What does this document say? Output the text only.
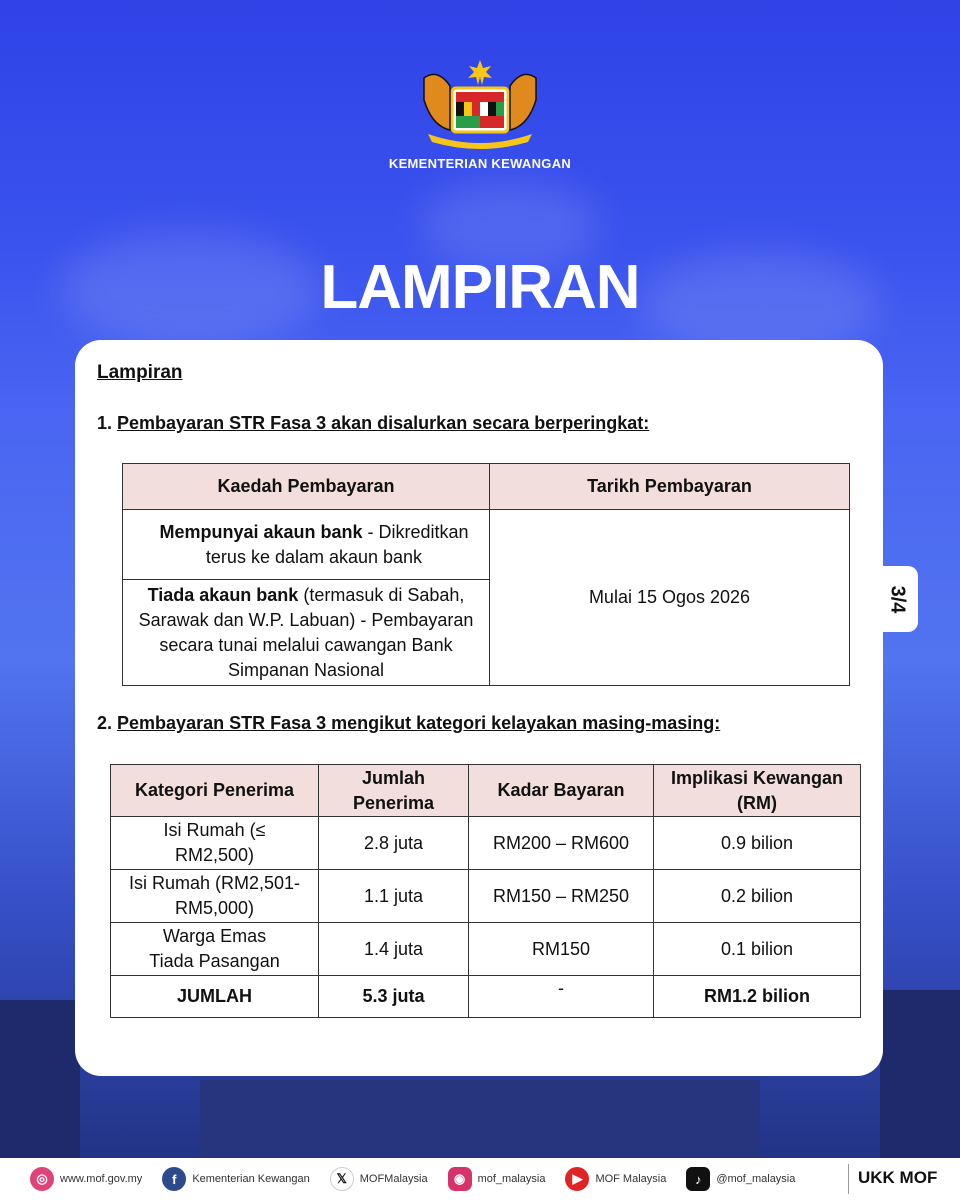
KEMENTERIAN KEWANGAN
LAMPIRAN
3/4
Lampiran
1. Pembayaran STR Fasa 3 akan disalurkan secara berperingkat:
Kaedah Pembayaran	Tarikh Pembayaran
Mempunyai akaun bank - Dikreditkan terus ke dalam akaun bank	Mulai 15 Ogos 2026
Tiada akaun bank (termasuk di Sabah, Sarawak dan W.P. Labuan) - Pembayaran secara tunai melalui cawangan Bank Simpanan Nasional	
2. Pembayaran STR Fasa 3 mengikut kategori kelayakan masing-masing:
Kategori Penerima	Jumlah Penerima	Kadar Bayaran	Implikasi Kewangan (RM)
Isi Rumah (≤ RM2,500)	2.8 juta	RM200 – RM600	0.9 bilion
Isi Rumah (RM2,501-RM5,000)	1.1 juta	RM150 – RM250	0.2 bilion
Warga Emas Tiada Pasangan	1.4 juta	RM150	0.1 bilion
JUMLAH	5.3 juta	-	RM1.2 bilion
◎	www.mof.gov.my	f	Kementerian Kewangan	𝕏	MOFMalaysia	◉	mof_malaysia	▶	MOF Malaysia	♪	@mof_malaysia	UKK MOF
